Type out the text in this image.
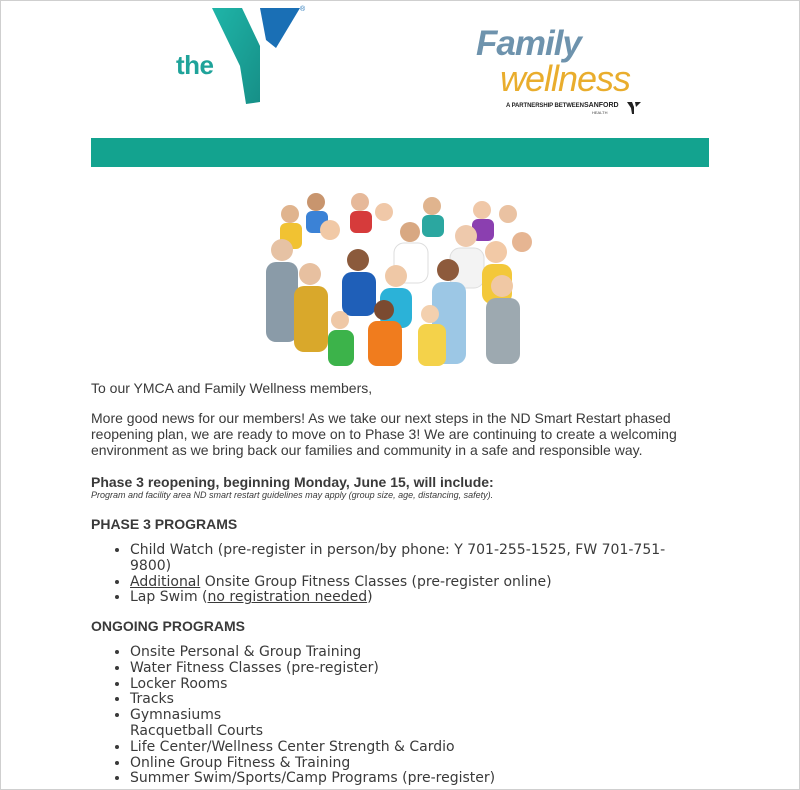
the	YMCA
®
Family
wellness
A PARTNERSHIP BETWEEN SANFORD
HEALTH
To our YMCA and Family Wellness members,
More good news for our members! As we take our next steps in the ND Smart Restart phased reopening plan, we are ready to move on to Phase 3! We are continuing to create a welcoming environment as we bring back our families and community in a safe and responsible way.
Phase 3 reopening, beginning Monday, June 15, will include:
Program and facility area ND smart restart guidelines may apply (group size, age, distancing, safety).
PHASE 3 PROGRAMS
• Child Watch (pre-register in person/by phone: Y 701-255-1525, FW 701-751-9800)
• Additional Onsite Group Fitness Classes (pre-register online)
• Lap Swim (no registration needed)
ONGOING PROGRAMS
• Onsite Personal & Group Training
• Water Fitness Classes (pre-register)
• Locker Rooms
• Tracks
• Gymnasiums
Racquetball Courts
• Life Center/Wellness Center Strength & Cardio
• Online Group Fitness & Training
• Summer Swim/Sports/Camp Programs (pre-register)
